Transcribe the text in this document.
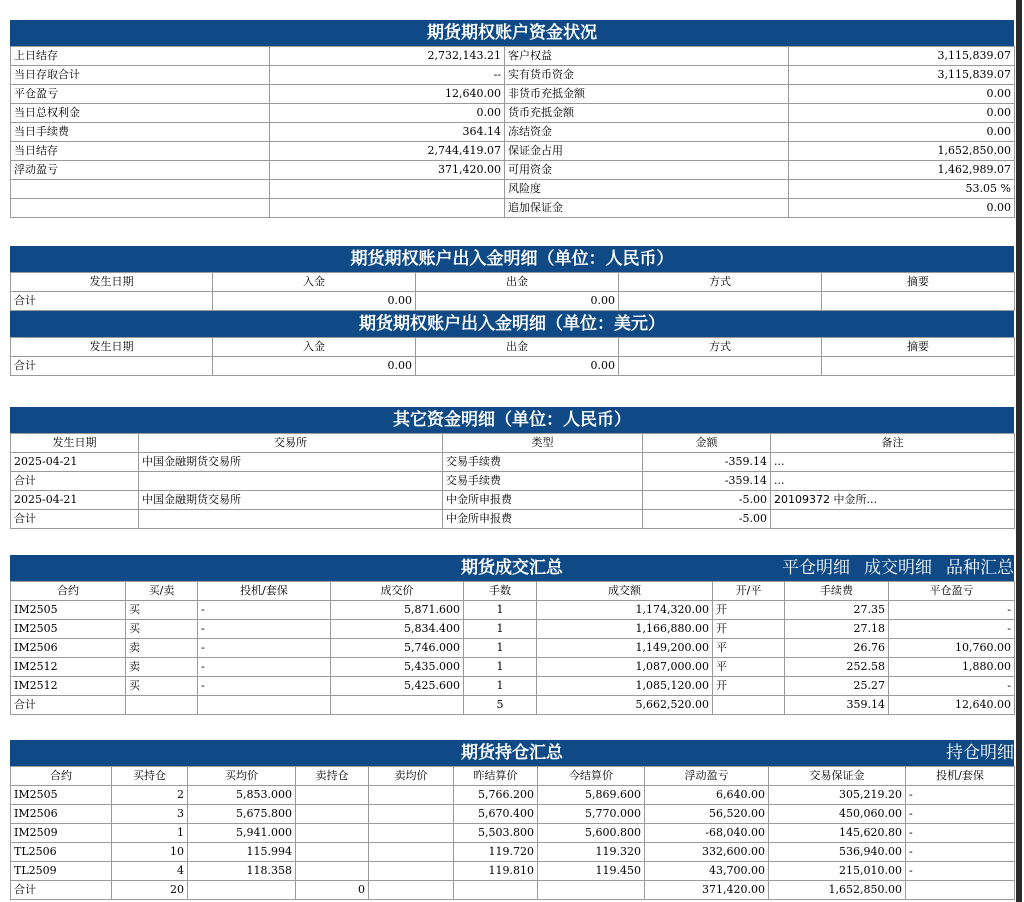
期货期权账户资金状况
上日结存	2,732,143.21	客户权益	3,115,839.07
当日存取合计	--	实有货币资金	3,115,839.07
平仓盈亏	12,640.00	非货币充抵金额	0.00
当日总权利金	0.00	货币充抵金额	0.00
当日手续费	364.14	冻结资金	0.00
当日结存	2,744,419.07	保证金占用	1,652,850.00
浮动盈亏	371,420.00	可用资金	1,462,989.07
		风险度	53.05 %
		追加保证金	0.00
期货期权账户出入金明细（单位：人民币）
发生日期	入金	出金	方式	摘要
合计	0.00	0.00		
期货期权账户出入金明细（单位：美元）
发生日期	入金	出金	方式	摘要
合计	0.00	0.00		
其它资金明细（单位：人民币）
发生日期	交易所	类型	金额	备注
2025-04-21	中国金融期货交易所	交易手续费	-359.14	...
合计		交易手续费	-359.14	...
2025-04-21	中国金融期货交易所	中金所申报费	-5.00	20109372 中金所...
合计		中金所申报费	-5.00	
期货成交汇总	平仓明细 成交明细 品种汇总
合约	买/卖	投机/套保	成交价	手数	成交额	开/平	手续费	平仓盈亏
IM2505	买	-	5,871.600	1	1,174,320.00	开	27.35	-
IM2505	买	-	5,834.400	1	1,166,880.00	开	27.18	-
IM2506	卖	-	5,746.000	1	1,149,200.00	平	26.76	10,760.00
IM2512	卖	-	5,435.000	1	1,087,000.00	平	252.58	1,880.00
IM2512	买	-	5,425.600	1	1,085,120.00	开	25.27	-
合计				5	5,662,520.00		359.14	12,640.00
期货持仓汇总	持仓明细
合约	买持仓	买均价	卖持仓	卖均价	昨结算价	今结算价	浮动盈亏	交易保证金	投机/套保
IM2505	2	5,853.000			5,766.200	5,869.600	6,640.00	305,219.20	-
IM2506	3	5,675.800			5,670.400	5,770.000	56,520.00	450,060.00	-
IM2509	1	5,941.000			5,503.800	5,600.800	-68,040.00	145,620.80	-
TL2506	10	115.994			119.720	119.320	332,600.00	536,940.00	-
TL2509	4	118.358			119.810	119.450	43,700.00	215,010.00	-
合计	20		0				371,420.00	1,652,850.00	
